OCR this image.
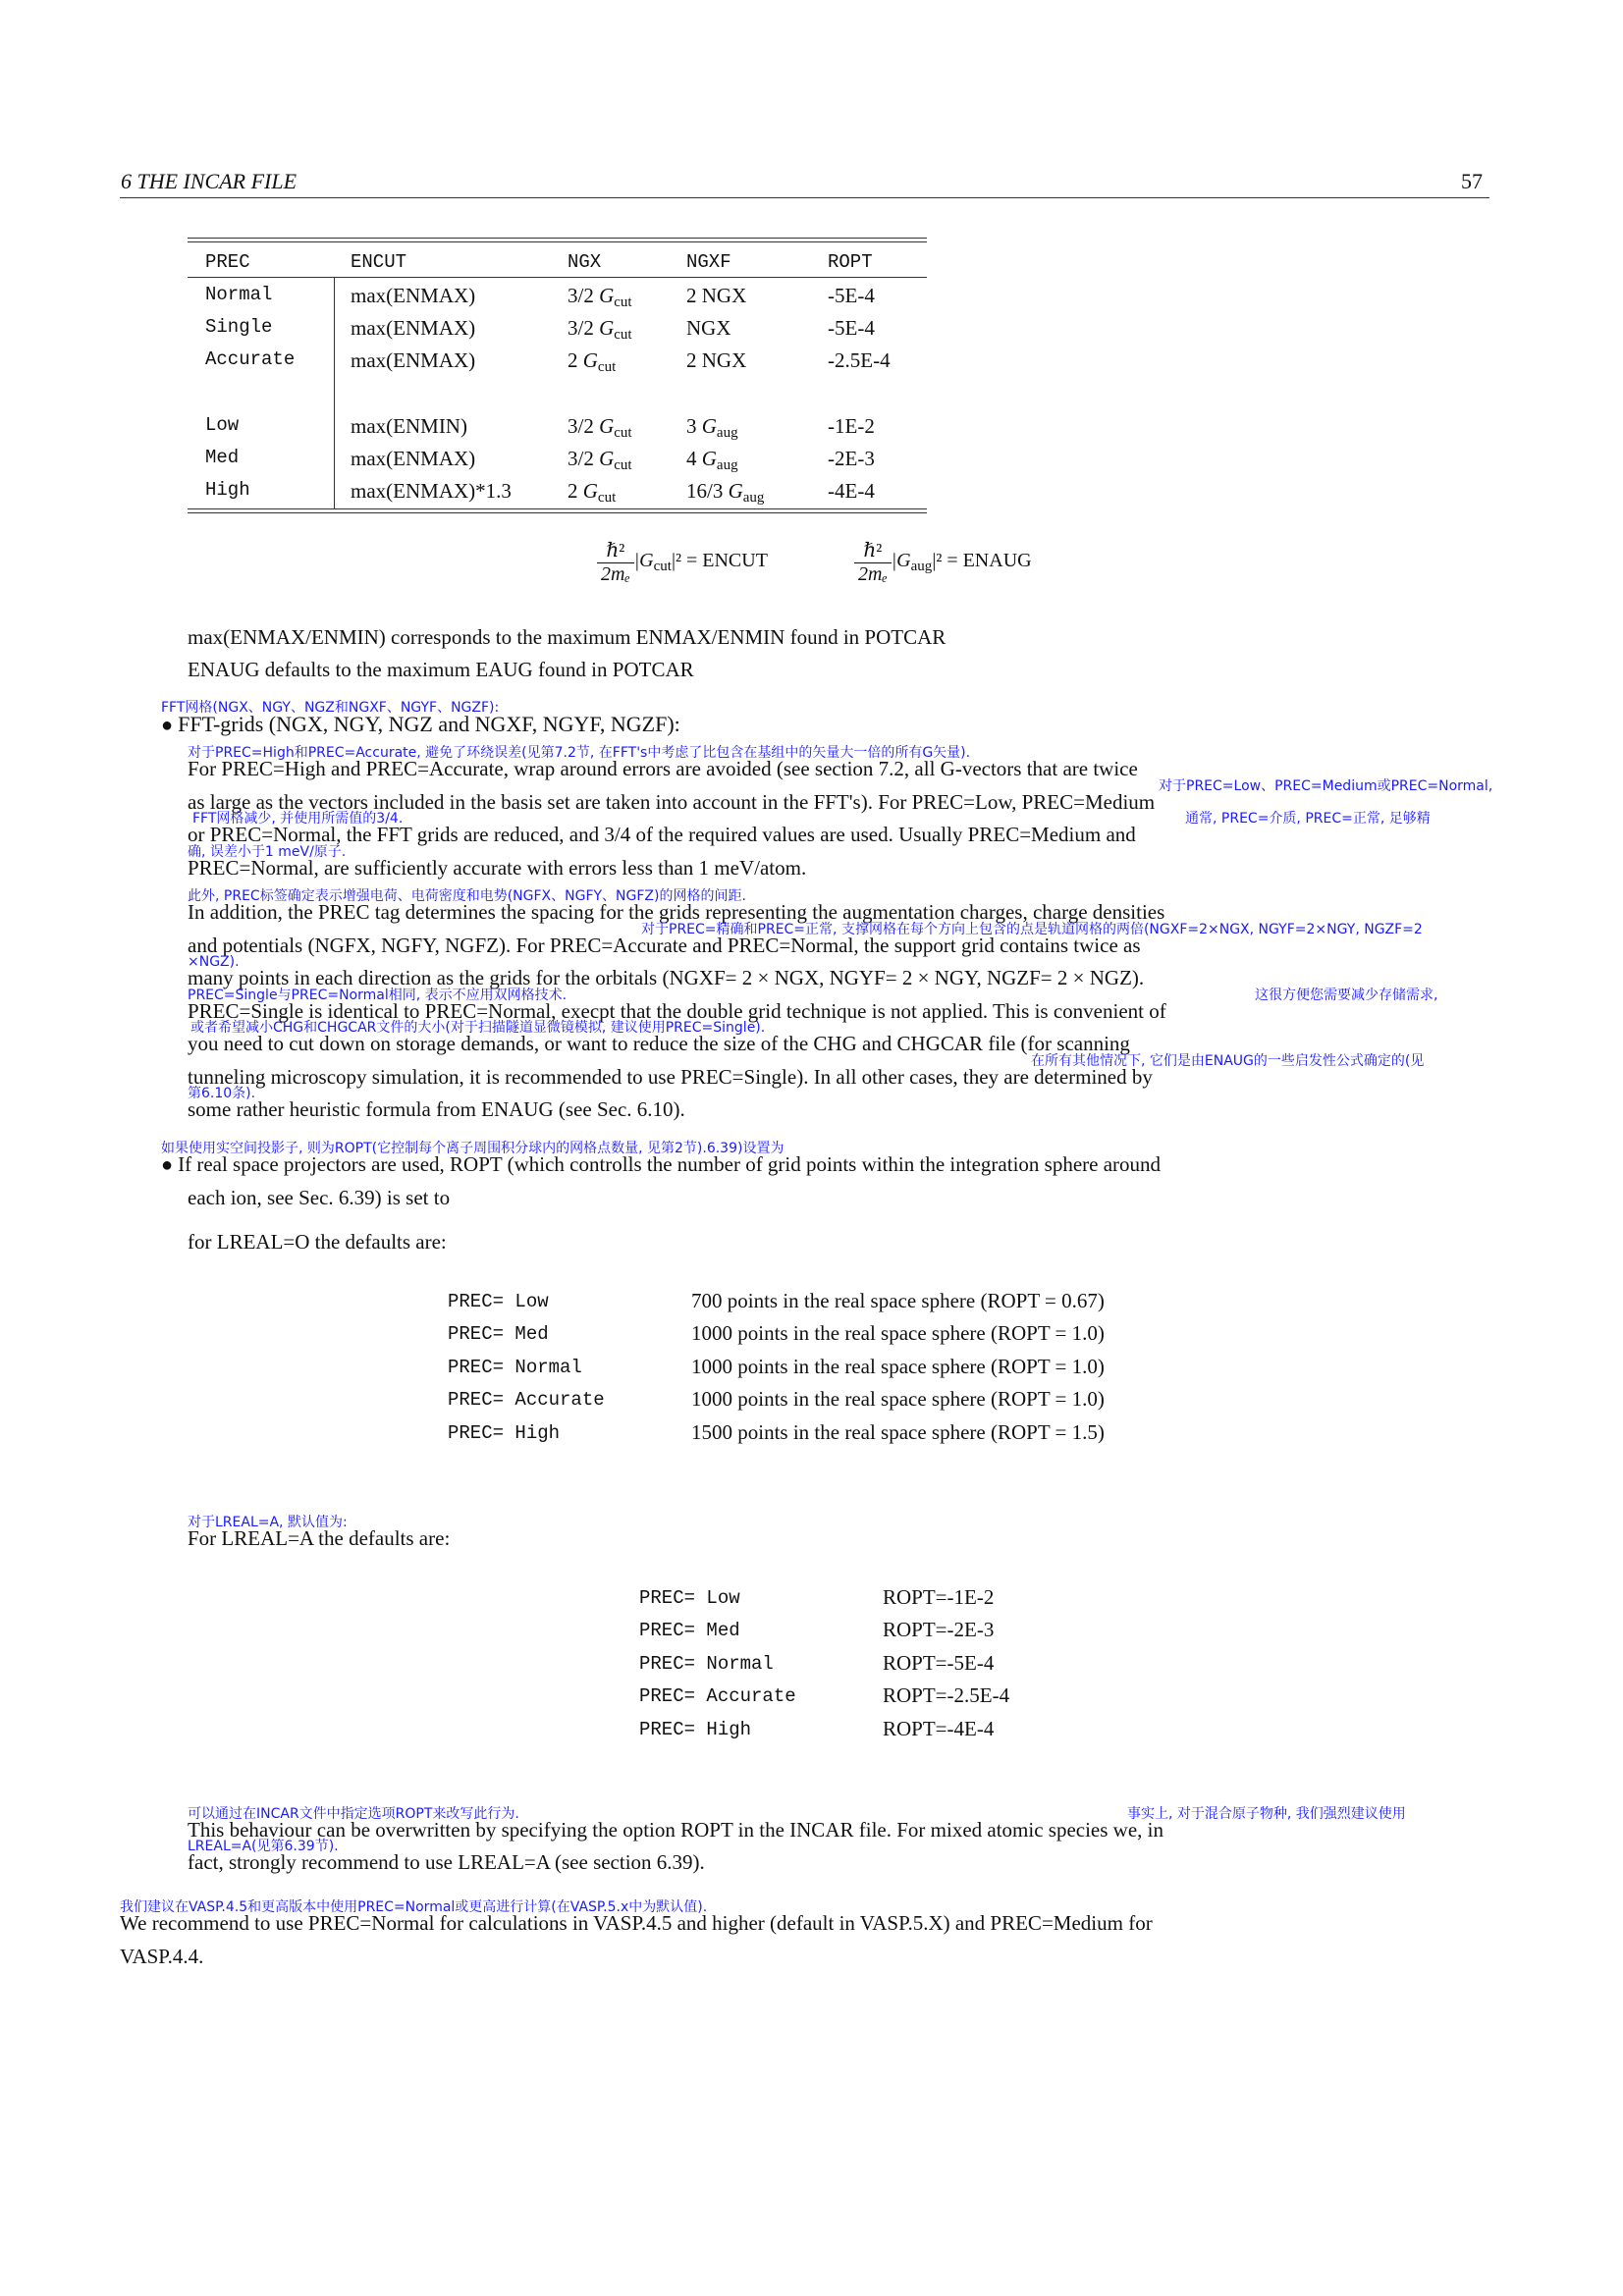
6 THE INCAR FILE	57
PREC	ENCUT	NGX	NGXF	ROPT
Normal	max(ENMAX)	3/2 $G_{cut}$	2 NGX	-5E-4
Single	max(ENMAX)	3/2 $G_{cut}$	NGX	-5E-4
Accurate	max(ENMAX)	2 $G_{cut}$	2 NGX	-2.5E-4
Low	max(ENMIN)	3/2 $G_{cut}$	3 $G_{aug}$	-1E-2
Med	max(ENMAX)	3/2 $G_{cut}$	4 $G_{aug}$	-2E-3
High	max(ENMAX)*1.3	2 $G_{cut}$	16/3 $G_{aug}$	-4E-4
$\frac{\text{ℏ²}}{\text{2mₑ}} |G_{cut}|^2$ = ENCUT	$\frac{\text{ℏ²}}{\text{2mₑ}} |G_{aug}|^2$ = ENAUG
max(ENMAX/ENMIN) corresponds to the maximum ENMAX/ENMIN found in POTCAR
ENAUG defaults to the maximum EAUG found in POTCAR
FFT网格(NGX、NGY、NGZ和NGXF、NGYF、NGZF):
● FFT-grids (NGX, NGY, NGZ and NGXF, NGYF, NGZF):
对于PREC=High和PREC=Accurate, 避免了环绕误差(见第7.2节, 在FFT's中考虑了比包含在基组中的矢量大一倍的所有G矢量).
For PREC=High and PREC=Accurate, wrap around errors are avoided (see section 7.2, all G-vectors that are twice
对于PREC=Low、PREC=Medium或PREC=Normal,
as large as the vectors included in the basis set are taken into account in the FFT's). For PREC=Low, PREC=Medium
FFT网格减少, 并使用所需值的3/4.	通常, PREC=介质, PREC=正常, 足够精
or PREC=Normal, the FFT grids are reduced, and 3/4 of the required values are used. Usually PREC=Medium and
确, 误差小于1 meV/原子.
PREC=Normal, are sufficiently accurate with errors less than 1 meV/atom.
此外, PREC标签确定表示增强电荷、电荷密度和电势(NGFX、NGFY、NGFZ)的网格的间距.
In addition, the PREC tag determines the spacing for the grids representing the augmentation charges, charge densities
对于PREC=精确和PREC=正常, 支撑网格在每个方向上包含的点是轨道网格的两倍(NGXF=2×NGX, NGYF=2×NGY, NGZF=2
and potentials (NGFX, NGFY, NGFZ). For PREC=Accurate and PREC=Normal, the support grid contains twice as
×NGZ).
many points in each direction as the grids for the orbitals (NGXF= 2 × NGX, NGYF= 2 × NGY, NGZF= 2 × NGZ).
PREC=Single与PREC=Normal相同, 表示不应用双网格技术.	这很方便您需要减少存储需求,
PREC=Single is identical to PREC=Normal, execpt that the double grid technique is not applied. This is convenient of
或者希望减小CHG和CHGCAR文件的大小(对于扫描隧道显微镜模拟, 建议使用PREC=Single).
you need to cut down on storage demands, or want to reduce the size of the CHG and CHGCAR file (for scanning
在所有其他情况下, 它们是由ENAUG的一些启发性公式确定的(见
tunneling microscopy simulation, it is recommended to use PREC=Single). In all other cases, they are determined by
第6.10条).
some rather heuristic formula from ENAUG (see Sec. 6.10).
如果使用实空间投影子, 则为ROPT(它控制每个离子周围积分球内的网格点数量, 见第2节).6.39)设置为
● If real space projectors are used, ROPT (which controlls the number of grid points within the integration sphere around
each ion, see Sec. 6.39) is set to
for LREAL=O the defaults are:
PREC= Low	700 points in the real space sphere (ROPT = 0.67)
PREC= Med	1000 points in the real space sphere (ROPT = 1.0)
PREC= Normal	1000 points in the real space sphere (ROPT = 1.0)
PREC= Accurate	1000 points in the real space sphere (ROPT = 1.0)
PREC= High	1500 points in the real space sphere (ROPT = 1.5)
对于LREAL=A, 默认值为:
For LREAL=A the defaults are:
PREC= Low	ROPT=-1E-2
PREC= Med	ROPT=-2E-3
PREC= Normal	ROPT=-5E-4
PREC= Accurate	ROPT=-2.5E-4
PREC= High	ROPT=-4E-4
可以通过在INCAR文件中指定选项ROPT来改写此行为.	事实上, 对于混合原子物种, 我们强烈建议使用
This behaviour can be overwritten by specifying the option ROPT in the INCAR file. For mixed atomic species we, in
LREAL=A(见第6.39节).
fact, strongly recommend to use LREAL=A (see section 6.39).
我们建议在VASP.4.5和更高版本中使用PREC=Normal或更高进行计算(在VASP.5.x中为默认值).
We recommend to use PREC=Normal for calculations in VASP.4.5 and higher (default in VASP.5.X) and PREC=Medium for
VASP.4.4.
